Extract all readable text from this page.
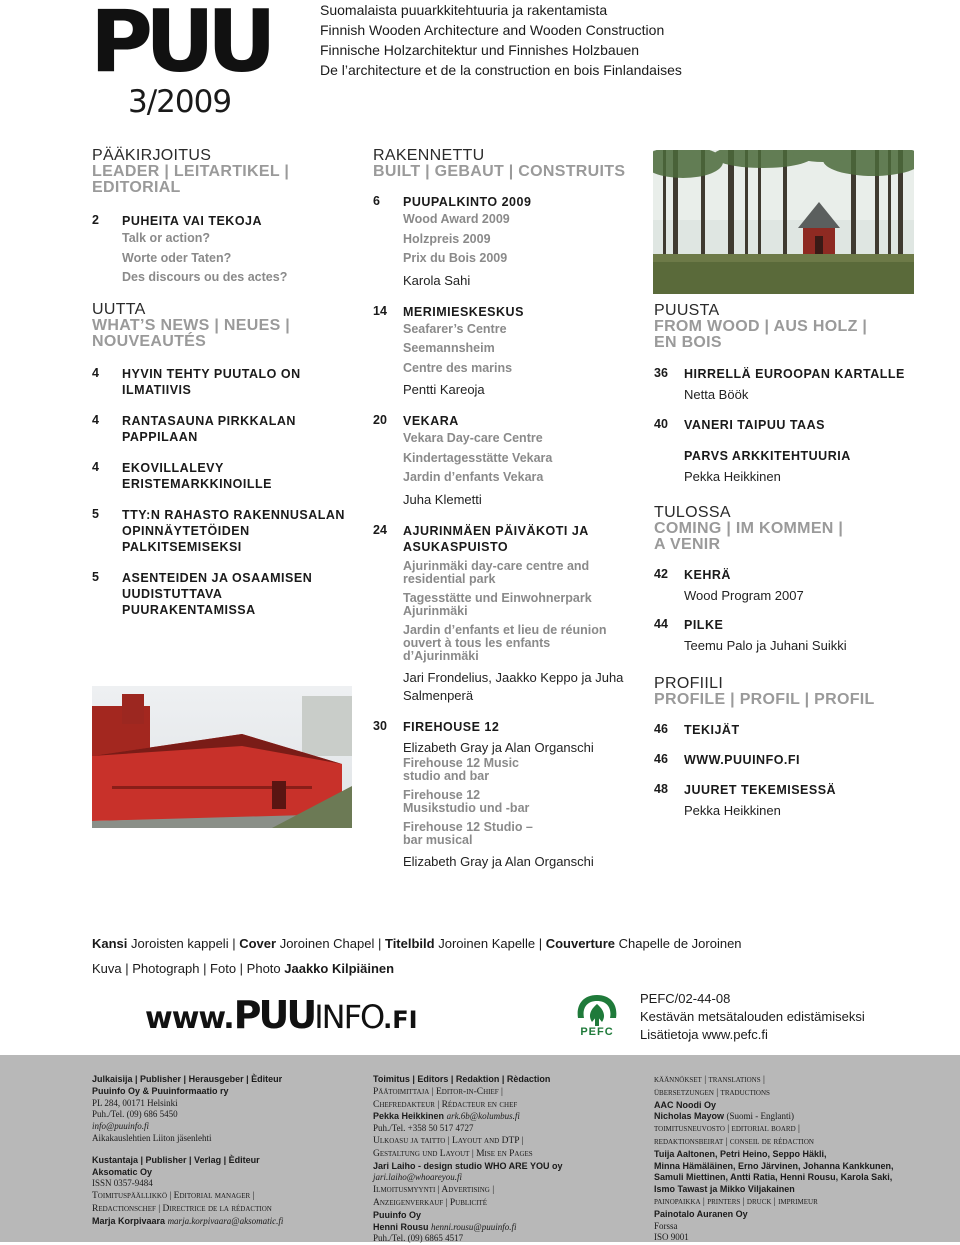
PUU
3/2009
Suomalaista puuarkkitehtuuria ja rakentamista
Finnish Wooden Architecture and Wooden Construction
Finnische Holzarchitektur und Finnishes Holzbauen
De l’architecture et de la construction en bois Finlandaises
PÄÄKIRJOITUS
LEADER | LEITARTIKEL |
EDITORIAL
2	PUHEITA VAI TEKOJA
Talk or action?
Worte oder Taten?
Des discours ou des actes?
UUTTA
WHAT’S NEWS | NEUES |
NOUVEAUTÉS
4	HYVIN TEHTY PUUTALO ON ILMATIIVIS
4	RANTASAUNA PIRKKALAN PAPPILAAN
4	EKOVILLALEVY ERISTEMARKKINOILLE
5	TTY:N RAHASTO RAKENNUSALAN OPINNÄYTETÖIDEN PALKITSEMISEKSI
5	ASENTEIDEN JA OSAAMISEN UUDISTUTTAVA PUURAKENTAMISSA
RAKENNETTU
BUILT | GEBAUT | CONSTRUITS
6	PUUPALKINTO 2009
Wood Award 2009
Holzpreis 2009
Prix du Bois 2009
Karola Sahi
14	MERIMIESKESKUS
Seafarer’s Centre
Seemannsheim
Centre des marins
Pentti Kareoja
20	VEKARA
Vekara Day-care Centre
Kindertagesstätte Vekara
Jardin d’enfants Vekara
Juha Klemetti
24	AJURINMÄEN PÄIVÄKOTI JA ASUKASPUISTO
Ajurinmäki day-care centre and residential park
Tagesstätte und Einwohnerpark Ajurinmäki
Jardin d’enfants et lieu de réunion ouvert à tous les enfants d’Ajurinmäki
Jari Frondelius, Jaakko Keppo ja Juha Salmenperä
30	FIREHOUSE 12
Elizabeth Gray ja Alan Organschi
Firehouse 12 Music studio and bar
Firehouse 12 Musikstudio und -bar
Firehouse 12 Studio – bar musical
Elizabeth Gray ja Alan Organschi
PUUSTA
FROM WOOD | AUS HOLZ |
EN BOIS
36	HIRRELLÄ EUROOPAN KARTALLE
Netta Böök
40	VANERI TAIPUU TAAS
PARVS ARKKITEHTUURIA
Pekka Heikkinen
TULOSSA
COMING | IM KOMMEN |
A VENIR
42	KEHRÄ
Wood Program 2007
44	PILKE
Teemu Palo ja Juhani Suikki
PROFIILI
PROFILE | PROFIL | PROFIL
46	TEKIJÄT
46	WWW.PUUINFO.FI
48	JUURET TEKEMISESSÄ
Pekka Heikkinen
Kansi Joroisten kappeli | Cover Joroinen Chapel | Titelbild Joroinen Kapelle | Couverture Chapelle de Joroinen
Kuva | Photograph | Foto | Photo Jaakko Kilpiäinen
www.PUUINFO.FI	PEFC
PEFC/02-44-08
Kestävän metsätalouden edistämiseksi
Lisätietoja www.pefc.fi
Julkaisija | Publisher | Herausgeber | Èditeur
Puuinfo Oy & Puuinformaatio ry
PL 284, 00171 Helsinki
Puh./Tel. (09) 686 5450
info@puuinfo.fi
Aikakauslehtien Liiton jäsenlehti
Kustantaja | Publisher | Verlag | Èditeur
Aksomatic Oy
ISSN 0357-9484
Toimituspäällikkö | Editorial manager |
Redactionschef | Directrice de la rédaction
Marja Korpivaara marja.korpivaara@aksomatic.fi
Toimitus | Editors | Redaktion | Rèdaction
Päätoimittaja | Editor-in-Chief |
Chefredakteur | Rédacteur en chef
Pekka Heikkinen ark.6b@kolumbus.fi
Puh./Tel. +358 50 517 4727
Ulkoasu ja taitto | Layout and DTP |
Gestaltung und Layout | Mise en Pages
Jari Laiho - design studio WHO ARE YOU oy
jari.laiho@whoareyou.fi
Ilmoitusmyynti | Advertising |
Anzeigenverkauf | Publicité
Puuinfo Oy
Henni Rousu henni.rousu@puuinfo.fi
Puh./Tel. (09) 6865 4517
käännökset | translations |
übersetzungen | traductions
AAC Noodi Oy
Nicholas Mayow (Suomi - Englanti)
toimitusneuvosto | editorial board |
redaktionsbeirat | conseil de rédaction
Tuija Aaltonen, Petri Heino, Seppo Häkli,
Minna Hämäläinen, Erno Järvinen, Johanna Kankkunen,
Samuli Miettinen, Antti Ratia, Henni Rousu, Karola Saki,
Ismo Tawast ja Mikko Viljakainen
painopaikka | printers | druck | imprimeur
Painotalo Auranen Oy
Forssa
ISO 9001
